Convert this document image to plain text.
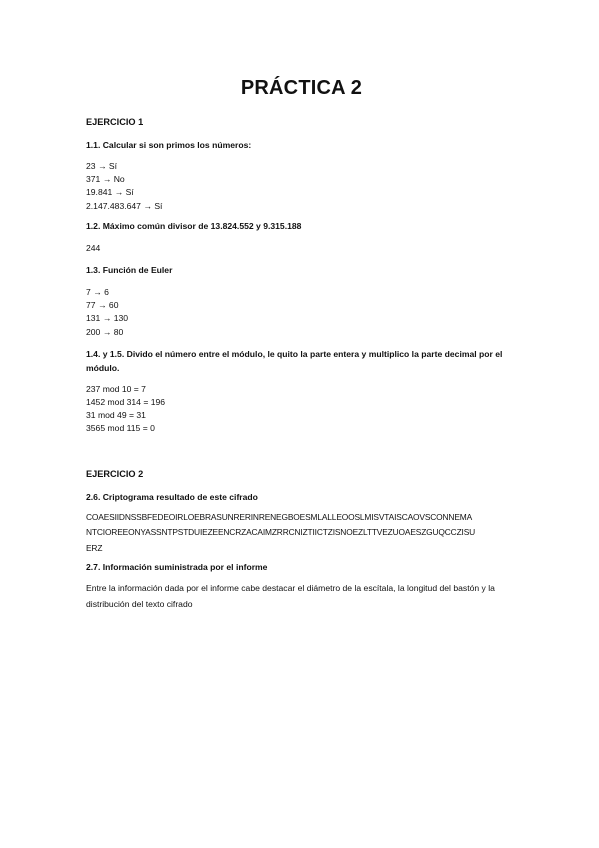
PRÁCTICA 2

EJERCICIO 1

1.1. Calcular si son primos los números:

23 → Sí

371 → No

19.841 → Sí

2.147.483.647 → Sí

1.2. Máximo común divisor de 13.824.552 y 9.315.188

244

1.3. Función de Euler

7 → 6

77 → 60

131 → 130

200 → 80

1.4. y 1.5. Divido el número entre el módulo, le quito la parte entera y multiplico la parte decimal por el módulo.

237 mod 10 = 7

1452 mod 314 = 196

31 mod 49 = 31

3565 mod 115 = 0

EJERCICIO 2

2.6. Criptograma resultado de este cifrado

COAESIIDNSSBFEDEOIRLOEBRASUNRERINRENEGBOESMLALLEOOSLMISVTAISCAOVSCONNEMA

NTCIOREEONYASSNTPSTDUIEZEENCRZACAIMZRRCNIZTIICTZISNOEZLTTVEZUOAESZGUQCCZISU

ERZ

2.7. Información suministrada por el informe

Entre la información dada por el informe cabe destacar el diámetro de la escítala, la longitud del bastón y la distribución del texto cifrado
